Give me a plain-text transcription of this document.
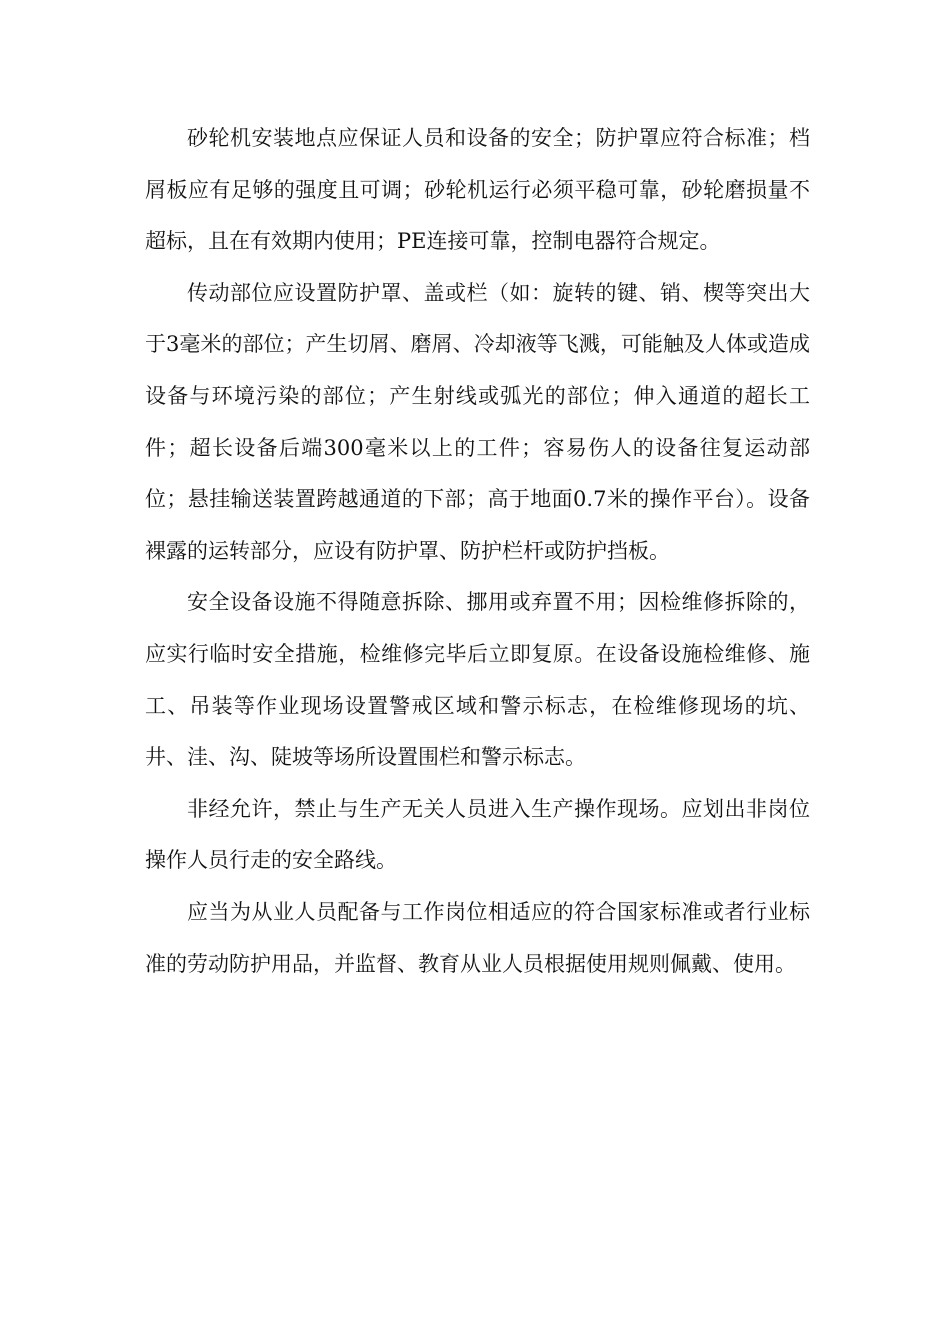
砂轮机安装地点应保证人员和设备的安全；防护罩应符合标准；档屑板应有足够的强度且可调；砂轮机运行必须平稳可靠，砂轮磨损量不超标，且在有效期内使用；PE连接可靠，控制电器符合规定。

传动部位应设置防护罩、盖或栏（如：旋转的键、销、楔等突出大于3毫米的部位；产生切屑、磨屑、冷却液等飞溅，可能触及人体或造成设备与环境污染的部位；产生射线或弧光的部位；伸入通道的超长工件；超长设备后端300毫米以上的工件；容易伤人的设备往复运动部位；悬挂输送装置跨越通道的下部；高于地面0.7米的操作平台）。设备裸露的运转部分，应设有防护罩、防护栏杆或防护挡板。

安全设备设施不得随意拆除、挪用或弃置不用；因检维修拆除的，应实行临时安全措施，检维修完毕后立即复原。在设备设施检维修、施工、吊装等作业现场设置警戒区域和警示标志，在检维修现场的坑、井、洼、沟、陡坡等场所设置围栏和警示标志。

非经允许，禁止与生产无关人员进入生产操作现场。应划出非岗位操作人员行走的安全路线。

应当为从业人员配备与工作岗位相适应的符合国家标准或者行业标准的劳动防护用品，并监督、教育从业人员根据使用规则佩戴、使用。
